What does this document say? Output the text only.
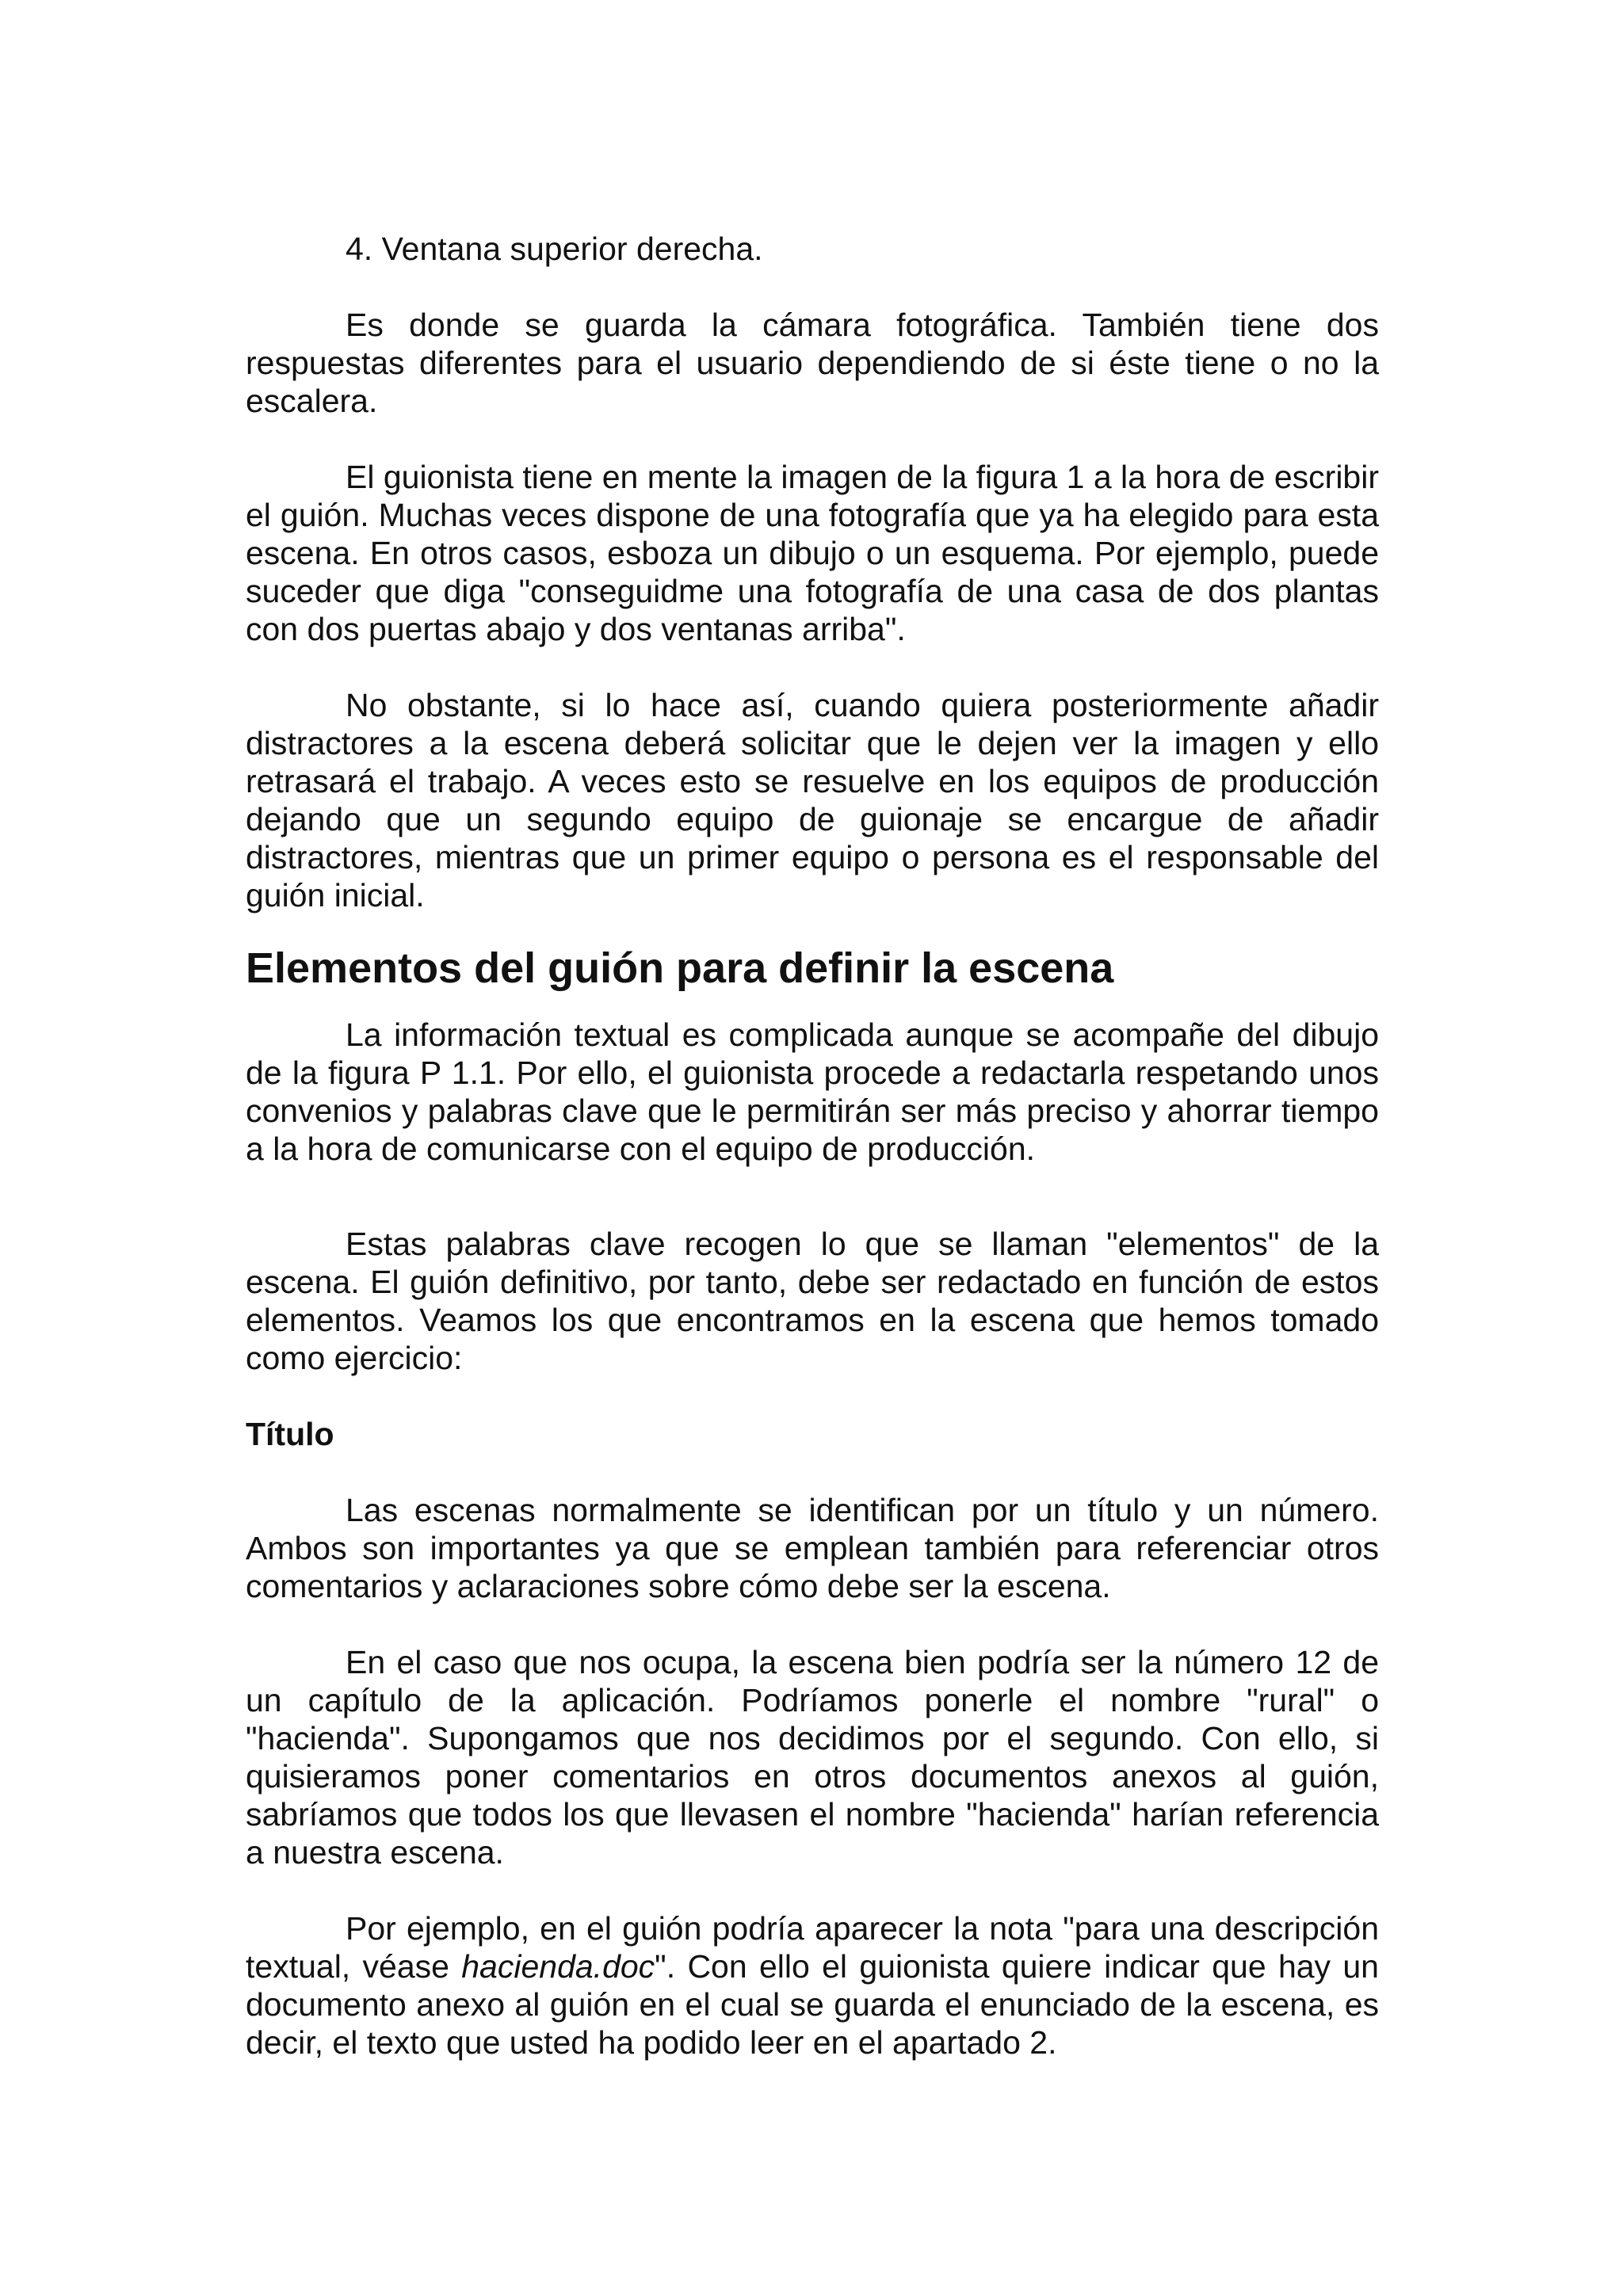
4. Ventana superior derecha.

Es donde se guarda la cámara fotográfica. También tiene dos respuestas diferentes para el usuario dependiendo de si éste tiene o no la escalera.

El guionista tiene en mente la imagen de la figura 1 a la hora de escribir el guión. Muchas veces dispone de una fotografía que ya ha elegido para esta escena. En otros casos, esboza un dibujo o un esquema. Por ejemplo, puede suceder que diga "conseguidme una fotografía de una casa de dos plantas con dos puertas abajo y dos ventanas arriba".

No obstante, si lo hace así, cuando quiera posteriormente añadir distractores a la escena deberá solicitar que le dejen ver la imagen y ello retrasará el trabajo. A veces esto se resuelve en los equipos de producción dejando que un segundo equipo de guionaje se encargue de añadir distractores, mientras que un primer equipo o persona es el responsable del guión inicial.

Elementos del guión para definir la escena

La información textual es complicada aunque se acompañe del dibujo de la figura P 1.1. Por ello, el guionista procede a redactarla respetando unos convenios y palabras clave que le permitirán ser más preciso y ahorrar tiempo a la hora de comunicarse con el equipo de producción.

Estas palabras clave recogen lo que se llaman "elementos" de la escena. El guión definitivo, por tanto, debe ser redactado en función de estos elementos. Veamos los que encontramos en la escena que hemos tomado como ejercicio:

Título

Las escenas normalmente se identifican por un título y un número. Ambos son importantes ya que se emplean también para referenciar otros comentarios y aclaraciones sobre cómo debe ser la escena.

En el caso que nos ocupa, la escena bien podría ser la número 12 de un capítulo de la aplicación. Podríamos ponerle el nombre "rural" o "hacienda". Supongamos que nos decidimos por el segundo. Con ello, si quisieramos poner comentarios en otros documentos anexos al guión, sabríamos que todos los que llevasen el nombre "hacienda" harían referencia a nuestra escena.

Por ejemplo, en el guión podría aparecer la nota "para una descripción textual, véase hacienda.doc". Con ello el guionista quiere indicar que hay un documento anexo al guión en el cual se guarda el enunciado de la escena, es decir, el texto que usted ha podido leer en el apartado 2.
